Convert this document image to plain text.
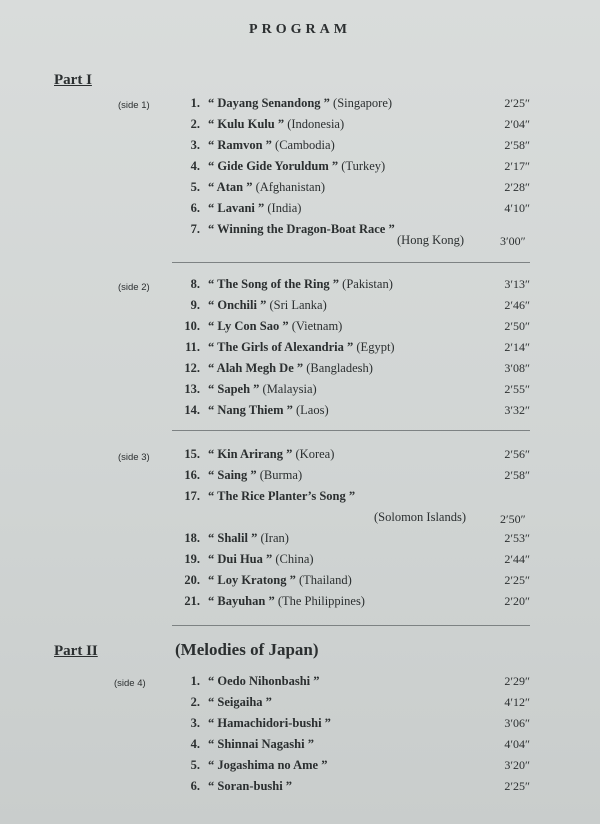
PROGRAM
Part I
(side 1)	1. “ Dayang Senandong ” (Singapore)	2′25″
2. “ Kulu Kulu ” (Indonesia)	2′04″
3. “ Ramvon ” (Cambodia)	2′58″
4. “ Gide Gide Yoruldum ” (Turkey)	2′17″
5. “ Atan ” (Afghanistan)	2′28″
6. “ Lavani ” (India)	4′10″
7. “ Winning the Dragon-Boat Race ”
(Hong Kong)	3′00″
(side 2)	8. “ The Song of the Ring ” (Pakistan)	3′13″
9. “ Onchili ” (Sri Lanka)	2′46″
10. “ Ly Con Sao ” (Vietnam)	2′50″
11. “ The Girls of Alexandria ” (Egypt)	2′14″
12. “ Alah Megh De ” (Bangladesh)	3′08″
13. “ Sapeh ” (Malaysia)	2′55″
14. “ Nang Thiem ” (Laos)	3′32″
(side 3)	15. “ Kin Arirang ” (Korea)	2′56″
16. “ Saing ” (Burma)	2′58″
17. “ The Rice Planter’s Song ”
(Solomon Islands)	2′50″
18. “ Shalil ” (Iran)	2′53″
19. “ Dui Hua ” (China)	2′44″
20. “ Loy Kratong ” (Thailand)	2′25″
21. “ Bayuhan ” (The Philippines)	2′20″
Part II	(Melodies of Japan)
(side 4)	1. “ Oedo Nihonbashi ”	2′29″
2. “ Seigaiha ”	4′12″
3. “ Hamachidori-bushi ”	3′06″
4. “ Shinnai Nagashi ”	4′04″
5. “ Jogashima no Ame ”	3′20″
6. “ Soran-bushi ”	2′25″
